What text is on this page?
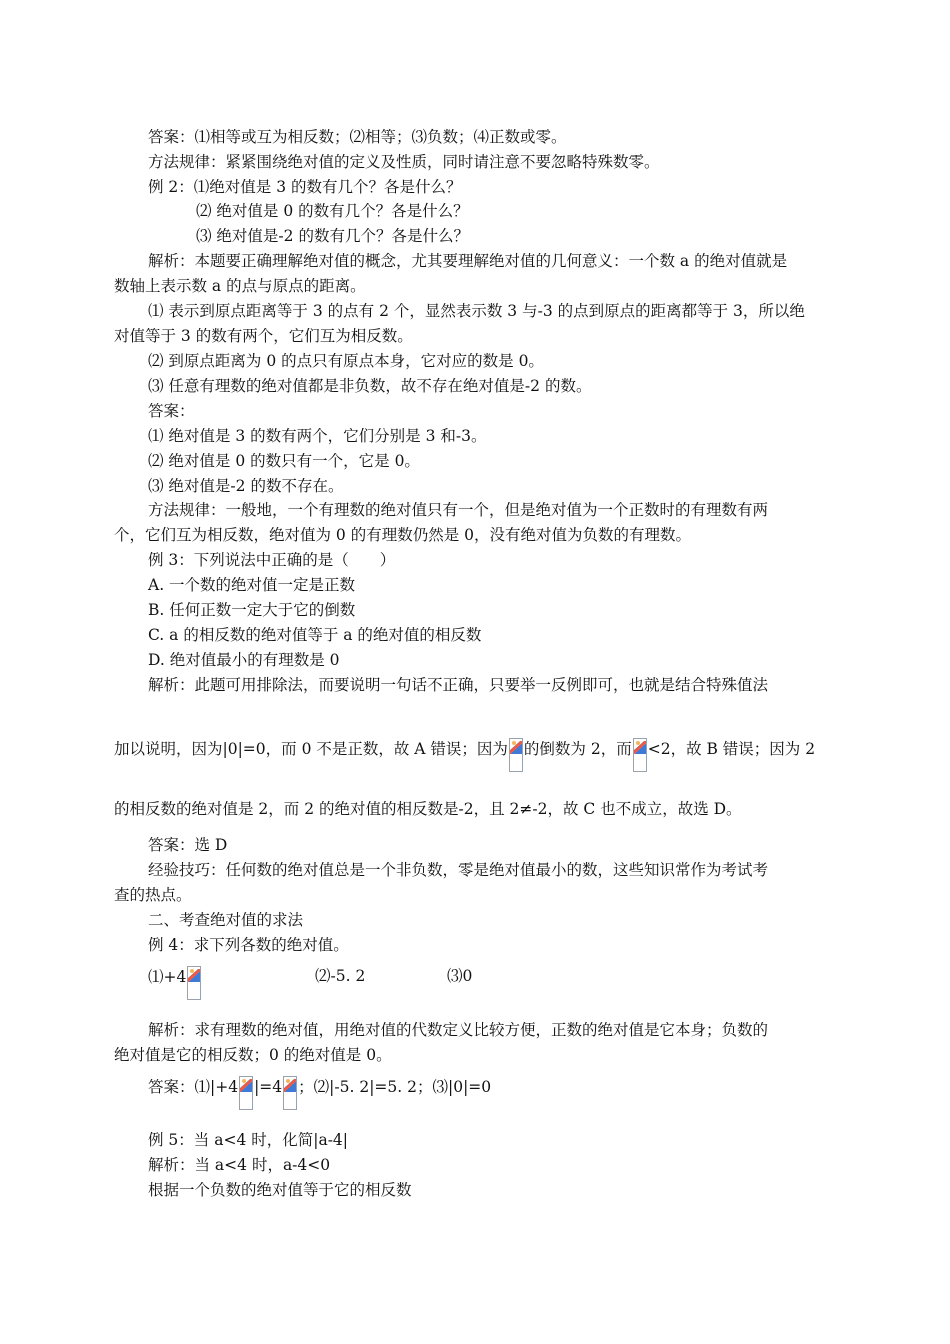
答案：⑴相等或互为相反数；⑵相等；⑶负数；⑷正数或零。
方法规律：紧紧围绕绝对值的定义及性质，同时请注意不要忽略特殊数零。
例 2：⑴绝对值是 3 的数有几个？各是什么？
⑵ 绝对值是 0 的数有几个？各是什么？
⑶ 绝对值是-2 的数有几个？各是什么？
解析：本题要正确理解绝对值的概念，尤其要理解绝对值的几何意义：一个数 a 的绝对值就是
数轴上表示数 a 的点与原点的距离。
⑴ 表示到原点距离等于 3 的点有 2 个，显然表示数 3 与-3 的点到原点的距离都等于 3，所以绝
对值等于 3 的数有两个，它们互为相反数。
⑵ 到原点距离为 0 的点只有原点本身，它对应的数是 0。
⑶ 任意有理数的绝对值都是非负数，故不存在绝对值是-2 的数。
答案：
⑴ 绝对值是 3 的数有两个，它们分别是 3 和-3。
⑵ 绝对值是 0 的数只有一个，它是 0。
⑶ 绝对值是-2 的数不存在。
方法规律：一般地，一个有理数的绝对值只有一个，但是绝对值为一个正数时的有理数有两
个，它们互为相反数，绝对值为 0 的有理数仍然是 0，没有绝对值为负数的有理数。
例 3：下列说法中正确的是（　　）
A. 一个数的绝对值一定是正数
B. 任何正数一定大于它的倒数
C. a 的相反数的绝对值等于 a 的绝对值的相反数
D. 绝对值最小的有理数是 0
解析：此题可用排除法，而要说明一句话不正确，只要举一反例即可，也就是结合特殊值法
加以说明，因为|0|=0，而 0 不是正数，故 A 错误；因为 的倒数为 2，而 <2，故 B 错误；因为 2
的相反数的绝对值是 2，而 2 的绝对值的相反数是-2，且 2≠-2，故 C 也不成立，故选 D。
答案：选 D
经验技巧：任何数的绝对值总是一个非负数，零是绝对值最小的数，这些知识常作为考试考
查的热点。
二、考查绝对值的求法
例 4：求下列各数的绝对值。
⑴+4	⑵-5. 2	⑶0
解析：求有理数的绝对值，用绝对值的代数定义比较方便，正数的绝对值是它本身；负数的
绝对值是它的相反数；0 的绝对值是 0。
答案：⑴|+4 |=4 ；⑵|-5. 2|=5. 2；⑶|0|=0
例 5：当 a<4 时，化简|a-4|
解析：当 a<4 时，a-4<0
根据一个负数的绝对值等于它的相反数
